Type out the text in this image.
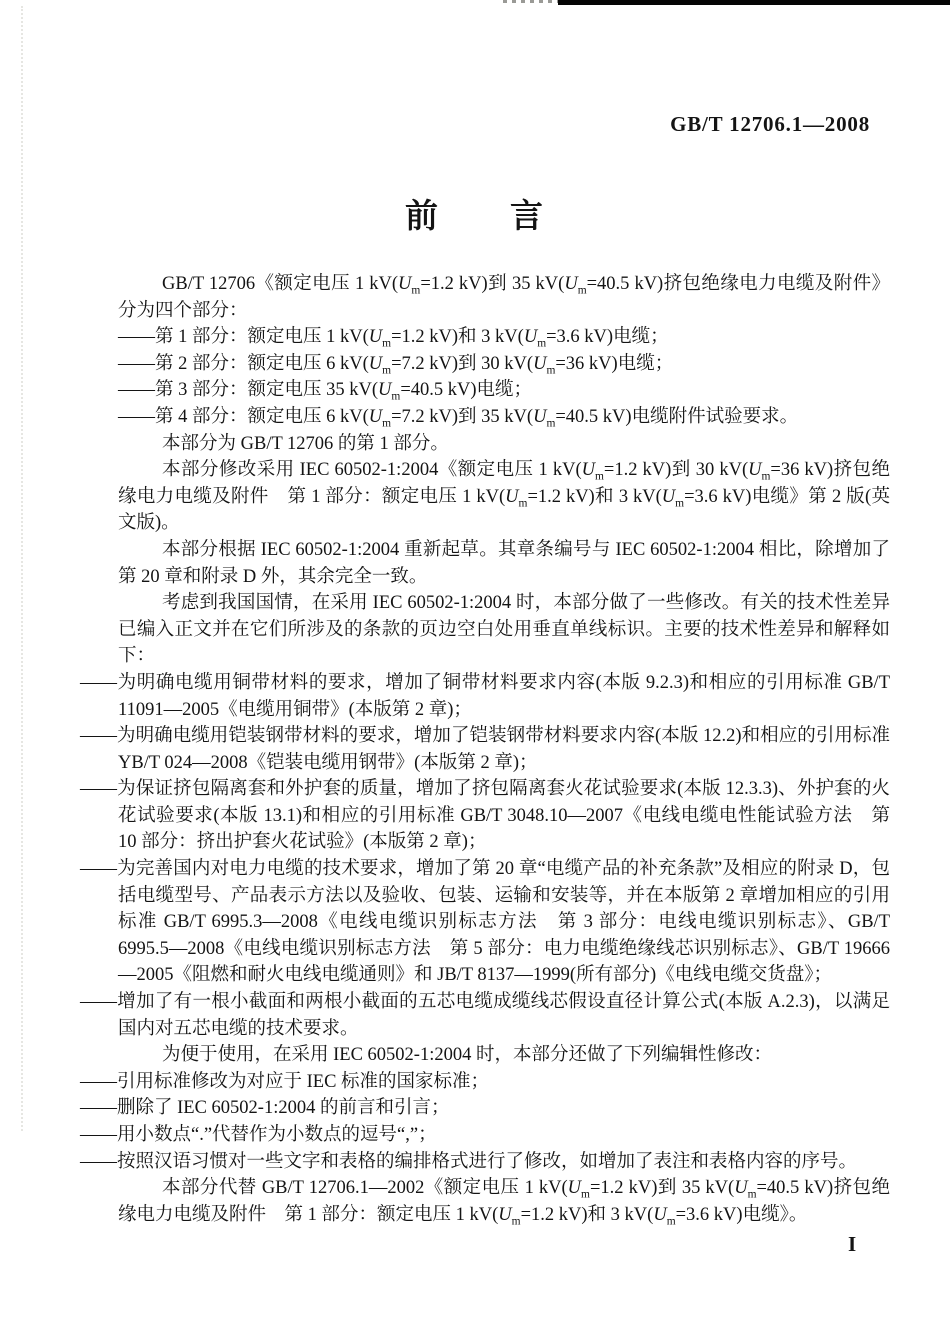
GB/T 12706.1—2008
前　　言

GB/T 12706《额定电压 1 $kV(U_m=1.2$ kV)到 35 $kV(U_m=40.5$ kV)挤包绝缘电力电缆及附件》分为四个部分：

——第 1 部分：额定电压 1 $kV(U_m=1.2$ kV)和 3 $kV(U_m=3.6$ kV)电缆；

——第 2 部分：额定电压 6 $kV(U_m=7.2$ kV)到 30 $kV(U_m=36$ kV)电缆；

——第 3 部分：额定电压 35 $kV(U_m=40.5$ kV)电缆；

——第 4 部分：额定电压 6 $kV(U_m=7.2$ kV)到 35 $kV(U_m=40.5$ kV)电缆附件试验要求。

本部分为 GB/T 12706 的第 1 部分。

本部分修改采用 IEC 60502-1:2004《额定电压 1 $kV(U_m=1.2$ kV)到 30 $kV(U_m=36$ kV)挤包绝缘电力电缆及附件　第 1 部分：额定电压 1 $kV(U_m=1.2$ kV)和 3 $kV(U_m=3.6$ kV)电缆》第 2 版(英文版)。

本部分根据 IEC 60502-1:2004 重新起草。其章条编号与 IEC 60502-1:2004 相比，除增加了第 20 章和附录 D 外，其余完全一致。

考虑到我国国情，在采用 IEC 60502-1:2004 时，本部分做了一些修改。有关的技术性差异已编入正文并在它们所涉及的条款的页边空白处用垂直单线标识。主要的技术性差异和解释如下：

——为明确电缆用铜带材料的要求，增加了铜带材料要求内容(本版 9.2.3)和相应的引用标准 GB/T 11091—2005《电缆用铜带》(本版第 2 章)；

——为明确电缆用铠装钢带材料的要求，增加了铠装钢带材料要求内容(本版 12.2)和相应的引用标准 YB/T 024—2008《铠装电缆用钢带》(本版第 2 章)；

——为保证挤包隔离套和外护套的质量，增加了挤包隔离套火花试验要求(本版 12.3.3)、外护套的火花试验要求(本版 13.1)和相应的引用标准 GB/T 3048.10—2007《电线电缆电性能试验方法　第 10 部分：挤出护套火花试验》(本版第 2 章)；

——为完善国内对电力电缆的技术要求，增加了第 20 章“电缆产品的补充条款”及相应的附录 D，包括电缆型号、产品表示方法以及验收、包装、运输和安装等，并在本版第 2 章增加相应的引用标准 GB/T 6995.3—2008《电线电缆识别标志方法　第 3 部分：电线电缆识别标志》、GB/T 6995.5—2008《电线电缆识别标志方法　第 5 部分：电力电缆绝缘线芯识别标志》、GB/T 19666—2005《阻燃和耐火电线电缆通则》和 JB/T 8137—1999(所有部分)《电线电缆交货盘》；

——增加了有一根小截面和两根小截面的五芯电缆成缆线芯假设直径计算公式(本版 A.2.3)，以满足国内对五芯电缆的技术要求。

为便于使用，在采用 IEC 60502-1:2004 时，本部分还做了下列编辑性修改：

——引用标准修改为对应于 IEC 标准的国家标准；

——删除了 IEC 60502-1:2004 的前言和引言；

——用小数点“.”代替作为小数点的逗号“,”；

——按照汉语习惯对一些文字和表格的编排格式进行了修改，如增加了表注和表格内容的序号。

本部分代替 GB/T 12706.1—2002《额定电压 1 $kV(U_m=1.2$ kV)到 35 $kV(U_m=40.5$ kV)挤包绝缘电力电缆及附件　第 1 部分：额定电压 1 $kV(U_m=1.2$ kV)和 3 $kV(U_m=3.6$ kV)电缆》。

I
